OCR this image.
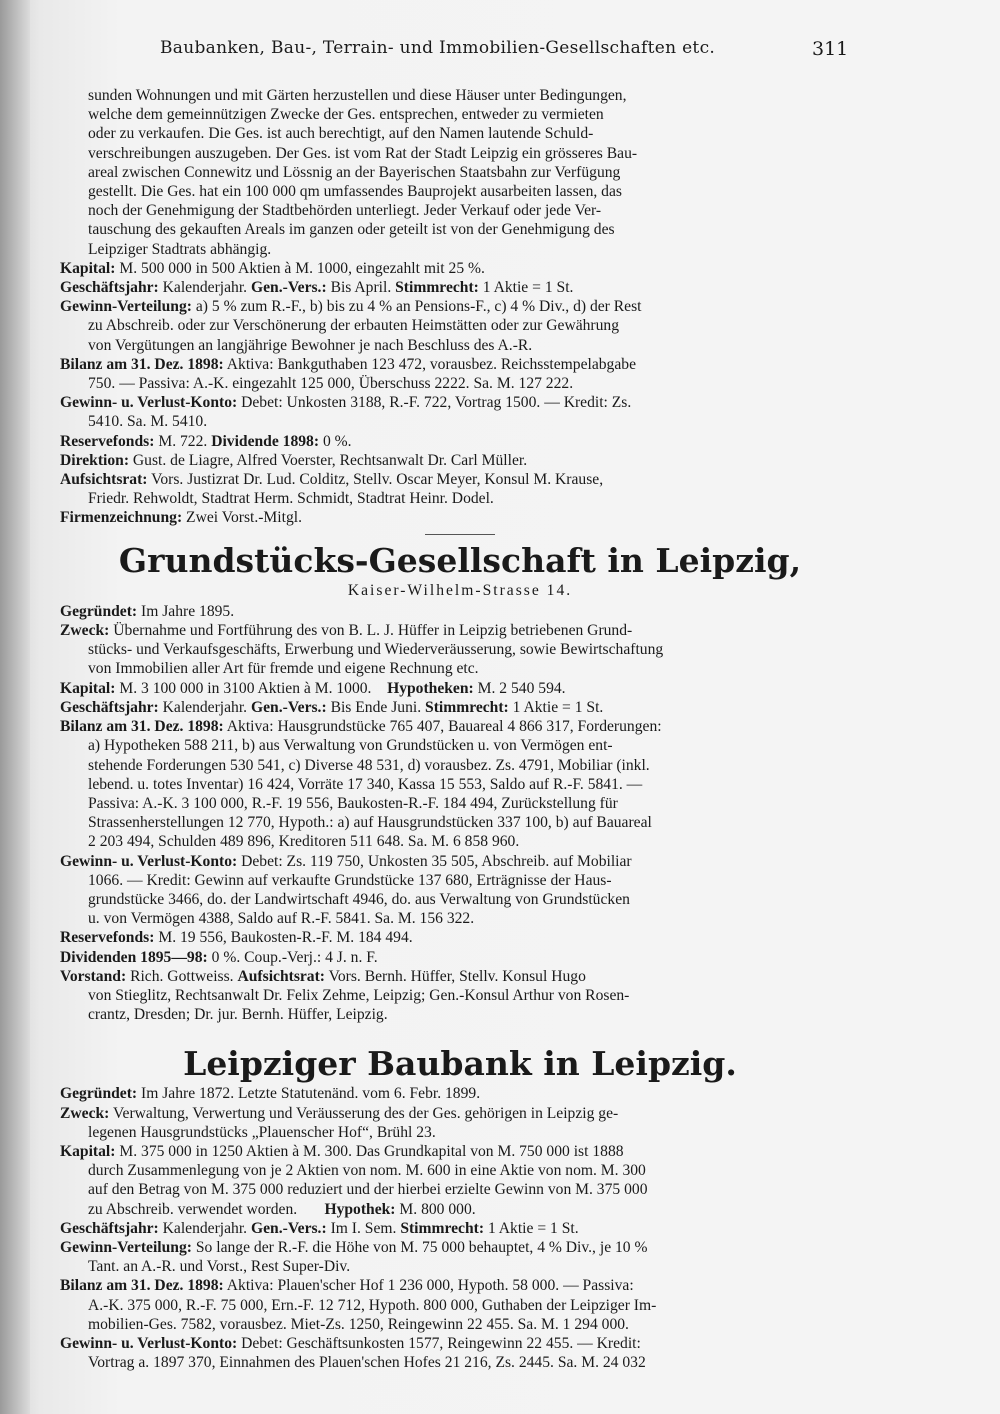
Baubanken, Bau-, Terrain- und Immobilien-Gesellschaften etc.	311
sunden Wohnungen und mit Gärten herzustellen und diese Häuser unter Bedingungen,
welche dem gemeinnützigen Zwecke der Ges. entsprechen, entweder zu vermieten
oder zu verkaufen. Die Ges. ist auch berechtigt, auf den Namen lautende Schuld-
verschreibungen auszugeben. Der Ges. ist vom Rat der Stadt Leipzig ein grösseres Bau-
areal zwischen Connewitz und Lössnig an der Bayerischen Staatsbahn zur Verfügung
gestellt. Die Ges. hat ein 100 000 qm umfassendes Bauprojekt ausarbeiten lassen, das
noch der Genehmigung der Stadtbehörden unterliegt. Jeder Verkauf oder jede Ver-
tauschung des gekauften Areals im ganzen oder geteilt ist von der Genehmigung des
Leipziger Stadtrats abhängig.
Kapital: M. 500 000 in 500 Aktien à M. 1000, eingezahlt mit 25 %.
Geschäftsjahr: Kalenderjahr. Gen.-Vers.: Bis April. Stimmrecht: 1 Aktie = 1 St.
Gewinn-Verteilung: a) 5 % zum R.-F., b) bis zu 4 % an Pensions-F., c) 4 % Div., d) der Rest
zu Abschreib. oder zur Verschönerung der erbauten Heimstätten oder zur Gewährung
von Vergütungen an langjährige Bewohner je nach Beschluss des A.-R.
Bilanz am 31. Dez. 1898: Aktiva: Bankguthaben 123 472, vorausbez. Reichsstempelabgabe
750. — Passiva: A.-K. eingezahlt 125 000, Überschuss 2222. Sa. M. 127 222.
Gewinn- u. Verlust-Konto: Debet: Unkosten 3188, R.-F. 722, Vortrag 1500. — Kredit: Zs.
5410. Sa. M. 5410.
Reservefonds: M. 722. Dividende 1898: 0 %.
Direktion: Gust. de Liagre, Alfred Voerster, Rechtsanwalt Dr. Carl Müller.
Aufsichtsrat: Vors. Justizrat Dr. Lud. Colditz, Stellv. Oscar Meyer, Konsul M. Krause,
Friedr. Rehwoldt, Stadtrat Herm. Schmidt, Stadtrat Heinr. Dodel.
Firmenzeichnung: Zwei Vorst.-Mitgl.
Grundstücks-Gesellschaft in Leipzig,
Kaiser-Wilhelm-Strasse 14.
Gegründet: Im Jahre 1895.
Zweck: Übernahme und Fortführung des von B. L. J. Hüffer in Leipzig betriebenen Grund-
stücks- und Verkaufsgeschäfts, Erwerbung und Wiederveräusserung, sowie Bewirtschaftung
von Immobilien aller Art für fremde und eigene Rechnung etc.
Kapital: M. 3 100 000 in 3100 Aktien à M. 1000. Hypotheken: M. 2 540 594.
Geschäftsjahr: Kalenderjahr. Gen.-Vers.: Bis Ende Juni. Stimmrecht: 1 Aktie = 1 St.
Bilanz am 31. Dez. 1898: Aktiva: Hausgrundstücke 765 407, Bauareal 4 866 317, Forderungen:
a) Hypotheken 588 211, b) aus Verwaltung von Grundstücken u. von Vermögen ent-
stehende Forderungen 530 541, c) Diverse 48 531, d) vorausbez. Zs. 4791, Mobiliar (inkl.
lebend. u. totes Inventar) 16 424, Vorräte 17 340, Kassa 15 553, Saldo auf R.-F. 5841. —
Passiva: A.-K. 3 100 000, R.-F. 19 556, Baukosten-R.-F. 184 494, Zurückstellung für
Strassenherstellungen 12 770, Hypoth.: a) auf Hausgrundstücken 337 100, b) auf Bauareal
2 203 494, Schulden 489 896, Kreditoren 511 648. Sa. M. 6 858 960.
Gewinn- u. Verlust-Konto: Debet: Zs. 119 750, Unkosten 35 505, Abschreib. auf Mobiliar
1066. — Kredit: Gewinn auf verkaufte Grundstücke 137 680, Erträgnisse der Haus-
grundstücke 3466, do. der Landwirtschaft 4946, do. aus Verwaltung von Grundstücken
u. von Vermögen 4388, Saldo auf R.-F. 5841. Sa. M. 156 322.
Reservefonds: M. 19 556, Baukosten-R.-F. M. 184 494.
Dividenden 1895—98: 0 %. Coup.-Verj.: 4 J. n. F.
Vorstand: Rich. Gottweiss. Aufsichtsrat: Vors. Bernh. Hüffer, Stellv. Konsul Hugo
von Stieglitz, Rechtsanwalt Dr. Felix Zehme, Leipzig; Gen.-Konsul Arthur von Rosen-
crantz, Dresden; Dr. jur. Bernh. Hüffer, Leipzig.
Leipziger Baubank in Leipzig.
Gegründet: Im Jahre 1872. Letzte Statutenänd. vom 6. Febr. 1899.
Zweck: Verwaltung, Verwertung und Veräusserung des der Ges. gehörigen in Leipzig ge-
legenen Hausgrundstücks „Plauenscher Hof“, Brühl 23.
Kapital: M. 375 000 in 1250 Aktien à M. 300. Das Grundkapital von M. 750 000 ist 1888
durch Zusammenlegung von je 2 Aktien von nom. M. 600 in eine Aktie von nom. M. 300
auf den Betrag von M. 375 000 reduziert und der hierbei erzielte Gewinn von M. 375 000
zu Abschreib. verwendet worden. Hypothek: M. 800 000.
Geschäftsjahr: Kalenderjahr. Gen.-Vers.: Im I. Sem. Stimmrecht: 1 Aktie = 1 St.
Gewinn-Verteilung: So lange der R.-F. die Höhe von M. 75 000 behauptet, 4 % Div., je 10 %
Tant. an A.-R. und Vorst., Rest Super-Div.
Bilanz am 31. Dez. 1898: Aktiva: Plauen'scher Hof 1 236 000, Hypoth. 58 000. — Passiva:
A.-K. 375 000, R.-F. 75 000, Ern.-F. 12 712, Hypoth. 800 000, Guthaben der Leipziger Im-
mobilien-Ges. 7582, vorausbez. Miet-Zs. 1250, Reingewinn 22 455. Sa. M. 1 294 000.
Gewinn- u. Verlust-Konto: Debet: Geschäftsunkosten 1577, Reingewinn 22 455. — Kredit:
Vortrag a. 1897 370, Einnahmen des Plauen'schen Hofes 21 216, Zs. 2445. Sa. M. 24 032
